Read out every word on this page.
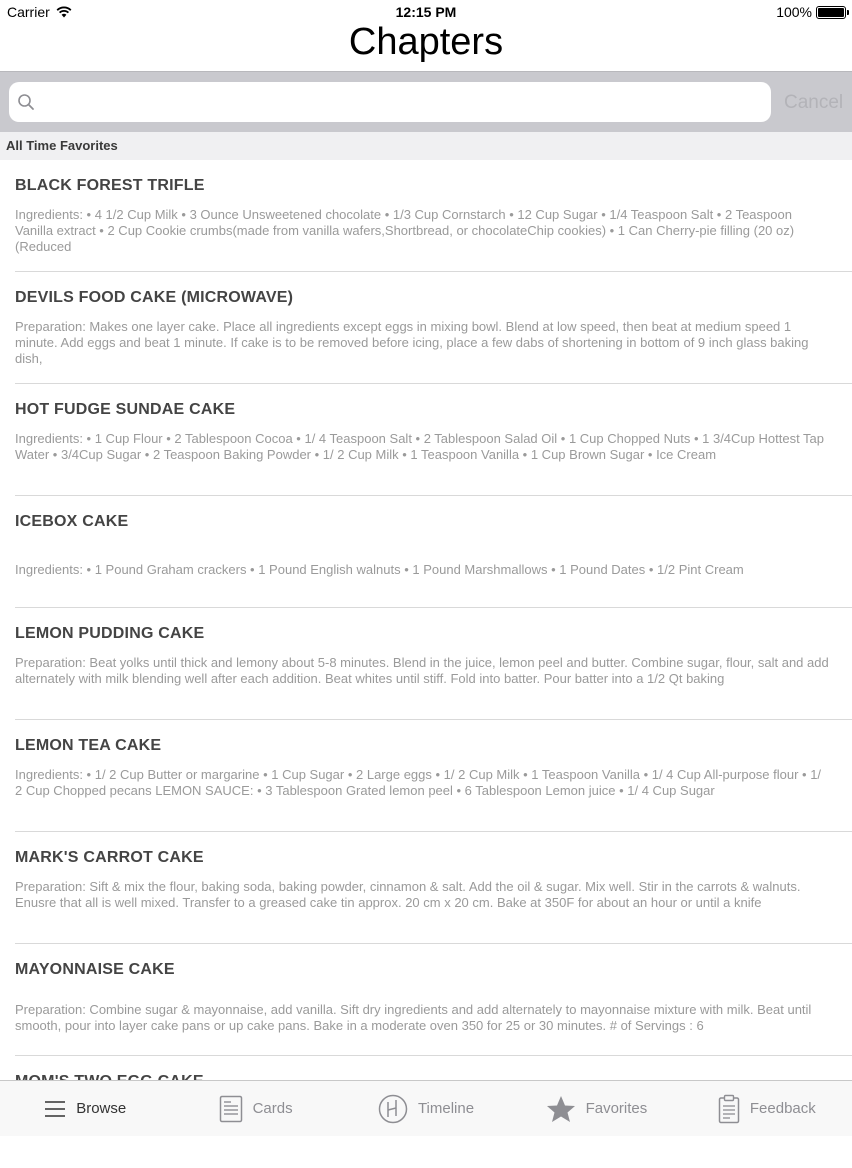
Carrier	12:15 PM	100%
Chapters
Cancel
All Time Favorites
BLACK FOREST TRIFLE
Ingredients: • 4 1/2 Cup Milk • 3 Ounce Unsweetened chocolate • 1/3 Cup Cornstarch • 12 Cup Sugar • 1/4 Teaspoon Salt • 2 Teaspoon Vanilla extract • 2 Cup Cookie crumbs(made from vanilla wafers,Shortbread, or chocolateChip cookies) • 1 Can Cherry-pie filling (20 oz)(Reduced
DEVILS FOOD CAKE (MICROWAVE)
Preparation: Makes one layer cake. Place all ingredients except eggs in mixing bowl. Blend at low speed, then beat at medium speed 1 minute. Add eggs and beat 1 minute. If cake is to be removed before icing, place a few dabs of shortening in bottom of 9 inch glass baking dish,
HOT FUDGE SUNDAE CAKE
Ingredients: • 1 Cup Flour • 2 Tablespoon Cocoa • 1/ 4 Teaspoon Salt • 2 Tablespoon Salad Oil • 1 Cup Chopped Nuts • 1 3/4Cup Hottest Tap Water • 3/4Cup Sugar • 2 Teaspoon Baking Powder • 1/ 2 Cup Milk • 1 Teaspoon Vanilla • 1 Cup Brown Sugar • Ice Cream
ICEBOX CAKE
Ingredients: • 1 Pound Graham crackers • 1 Pound English walnuts • 1 Pound Marshmallows • 1 Pound Dates • 1/2 Pint Cream
LEMON PUDDING CAKE
Preparation: Beat yolks until thick and lemony about 5-8 minutes. Blend in the juice, lemon peel and butter. Combine sugar, flour, salt and add alternately with milk blending well after each addition. Beat whites until stiff. Fold into batter. Pour batter into a 1/2 Qt baking
LEMON TEA CAKE
Ingredients: • 1/ 2 Cup Butter or margarine • 1 Cup Sugar • 2 Large eggs • 1/ 2 Cup Milk • 1 Teaspoon Vanilla • 1/ 4 Cup All-purpose flour • 1/ 2 Cup Chopped pecans LEMON SAUCE: • 3 Tablespoon Grated lemon peel • 6 Tablespoon Lemon juice • 1/ 4 Cup Sugar
MARK'S CARROT CAKE
Preparation: Sift & mix the flour, baking soda, baking powder, cinnamon & salt. Add the oil & sugar. Mix well. Stir in the carrots & walnuts. Enusre that all is well mixed. Transfer to a greased cake tin approx. 20 cm x 20 cm. Bake at 350F for about an hour or until a knife
MAYONNAISE CAKE
Preparation: Combine sugar & mayonnaise, add vanilla. Sift dry ingredients and add alternately to mayonnaise mixture with milk. Beat until smooth, pour into layer cake pans or up cake pans. Bake in a moderate oven 350 for 25 or 30 minutes. # of Servings : 6
Browse	Cards	Timeline	Favorites	Feedback
